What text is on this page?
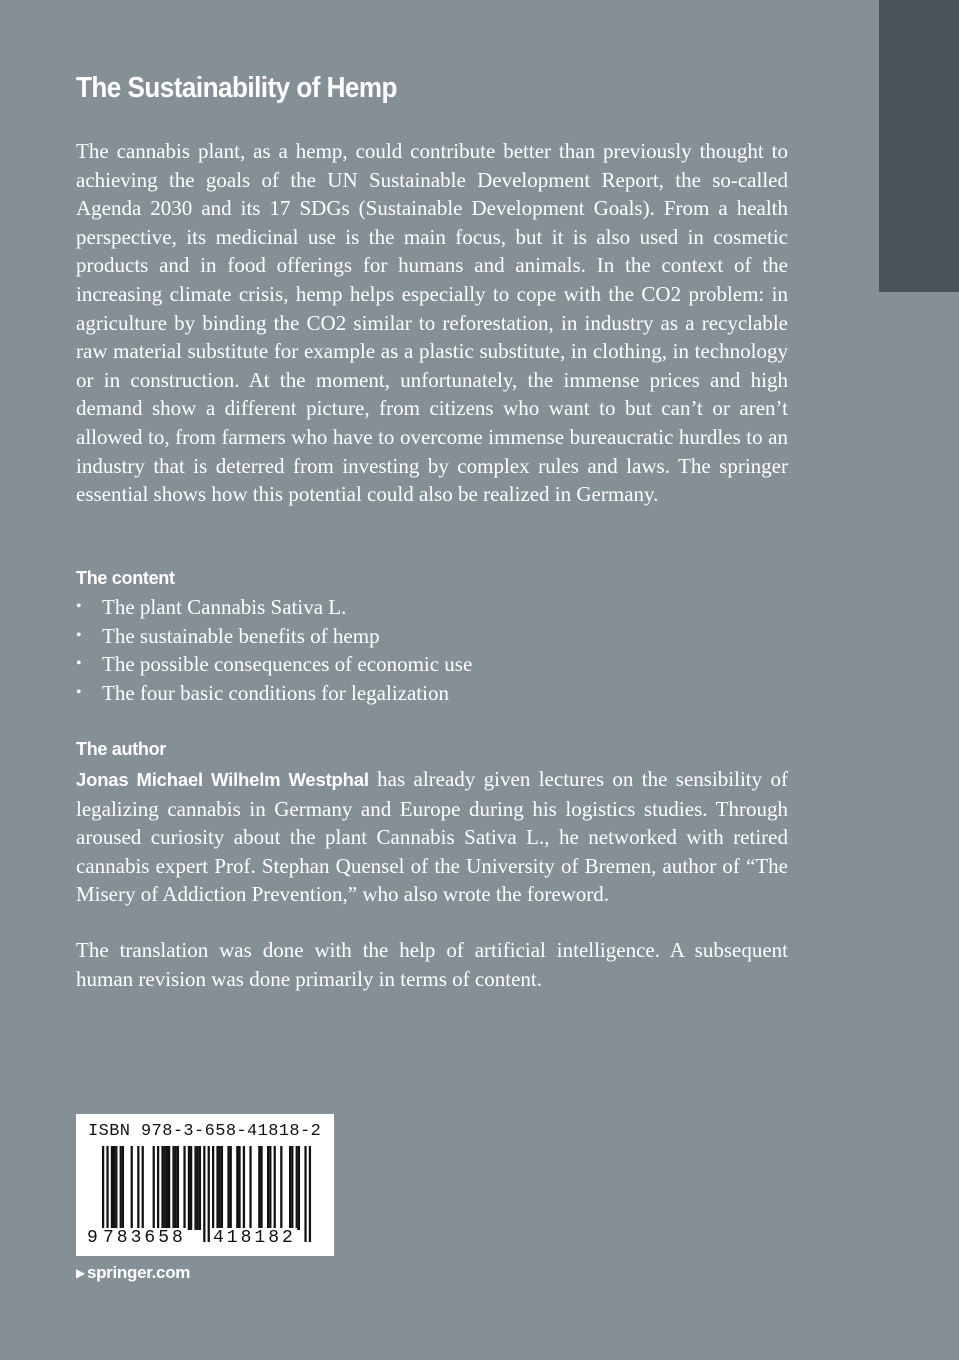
The Sustainability of Hemp

The cannabis plant, as a hemp, could contribute better than previously thought to achieving the goals of the UN Sustainable Development Report, the so-called Agenda 2030 and its 17 SDGs (Sustainable Development Goals). From a health perspective, its medicinal use is the main focus, but it is also used in cosmetic products and in food offerings for humans and animals. In the context of the increasing climate crisis, hemp helps especially to cope with the CO2 problem: in agriculture by binding the CO2 similar to reforestation, in industry as a recyclable raw material substitute for example as a plastic substitute, in clothing, in technology or in construction. At the moment, unfortunately, the immense prices and high demand show a different picture, from citizens who want to but can’t or aren’t allowed to, from farmers who have to overcome immense bureaucratic hurdles to an industry that is deterred from investing by complex rules and laws. The springer essential shows how this potential could also be realized in Germany.

The content

• The plant Cannabis Sativa L.
• The sustainable benefits of hemp
• The possible consequences of economic use
• The four basic conditions for legalization

The author

Jonas Michael Wilhelm Westphal has already given lectures on the sensibility of legalizing cannabis in Germany and Europe during his logistics studies. Through aroused curiosity about the plant Cannabis Sativa L., he networked with retired cannabis expert Prof. Stephan Quensel of the University of Bremen, author of “The Misery of Addiction Prevention,” who also wrote the foreword.

The translation was done with the help of artificial intelligence. A subsequent human revision was done primarily in terms of content.

ISBN 978-3-658-41818-2

9 783658 418182

▶ springer.com
